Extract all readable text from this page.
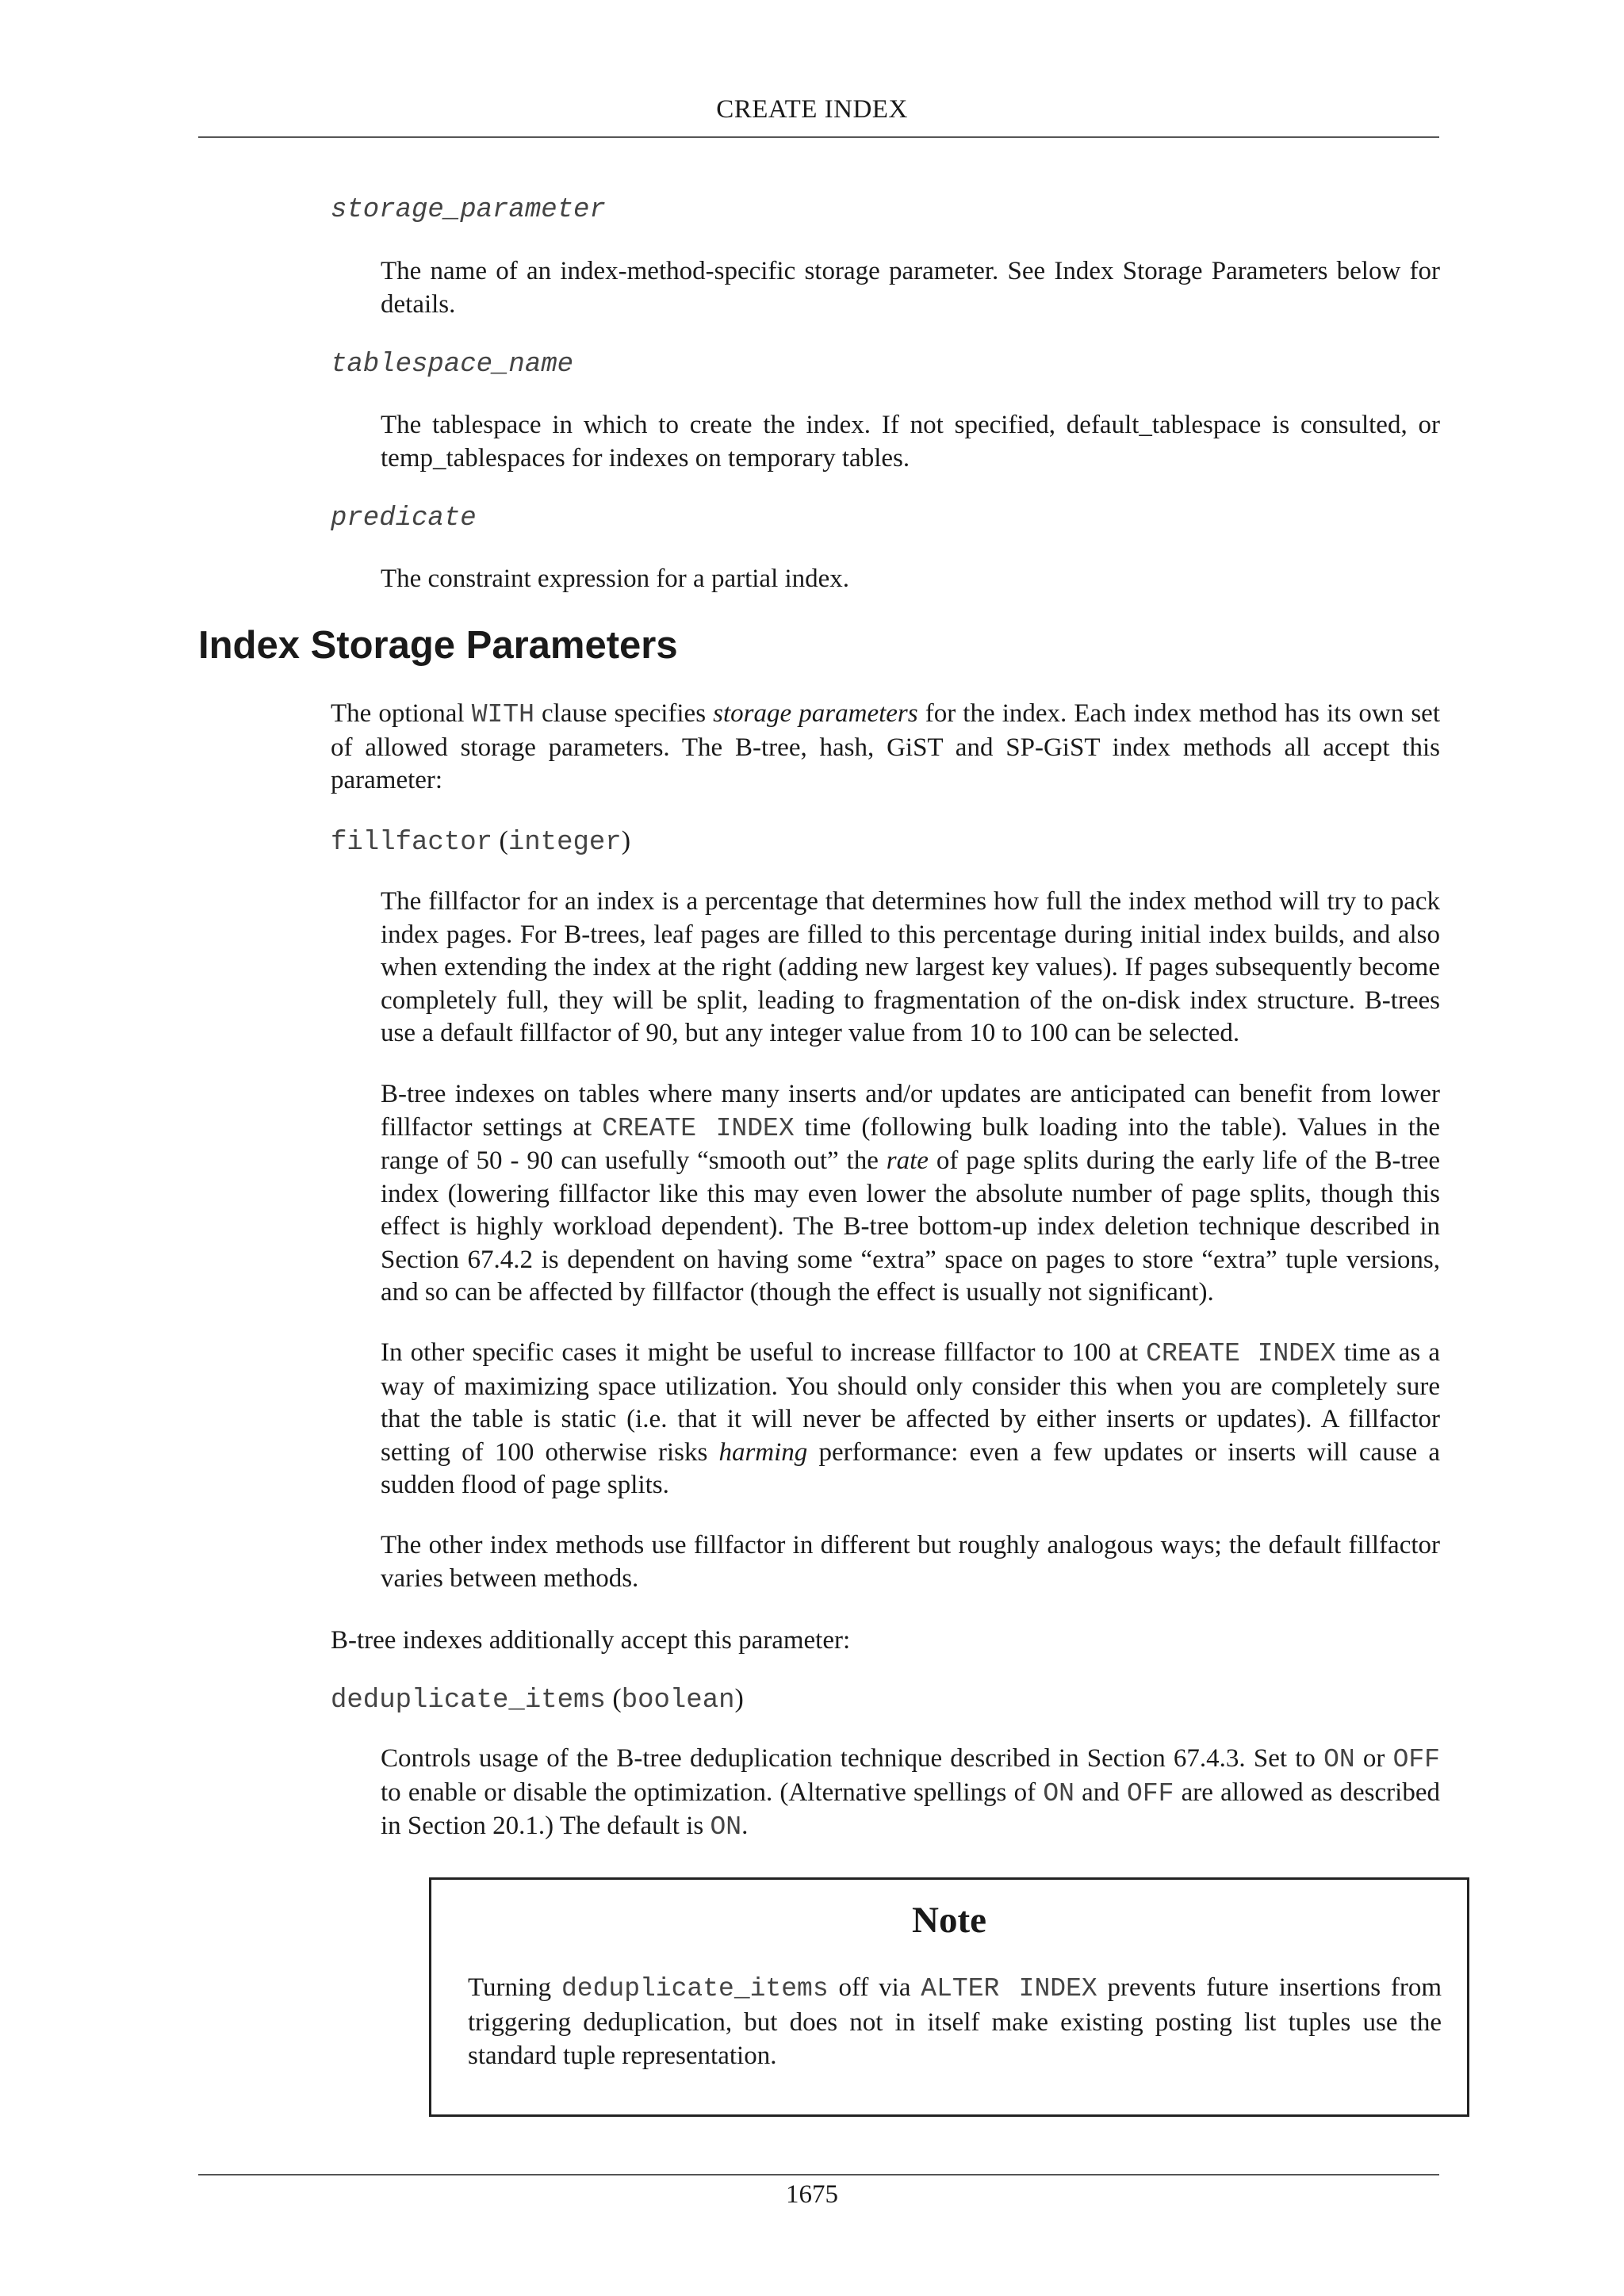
CREATE INDEX
storage_parameter

The name of an index-method-specific storage parameter. See Index Storage Parameters below for details.

tablespace_name

The tablespace in which to create the index. If not specified, default_tablespace is consulted, or temp_tablespaces for indexes on temporary tables.

predicate

The constraint expression for a partial index.

Index Storage Parameters

The optional WITH clause specifies storage parameters for the index. Each index method has its own set of allowed storage parameters. The B-tree, hash, GiST and SP-GiST index methods all accept this parameter:

fillfactor (integer)

The fillfactor for an index is a percentage that determines how full the index method will try to pack index pages. For B-trees, leaf pages are filled to this percentage during initial index builds, and also when extending the index at the right (adding new largest key values). If pages subsequently become completely full, they will be split, leading to fragmentation of the on-disk index structure. B-trees use a default fillfactor of 90, but any integer value from 10 to 100 can be selected.

B-tree indexes on tables where many inserts and/or updates are anticipated can benefit from lower fillfactor settings at CREATE INDEX time (following bulk loading into the table). Values in the range of 50 - 90 can usefully “smooth out” the rate of page splits during the early life of the B-tree index (lowering fillfactor like this may even lower the absolute number of page splits, though this effect is highly workload dependent). The B-tree bottom-up index deletion technique described in Section 67.4.2 is dependent on having some “extra” space on pages to store “extra” tuple versions, and so can be affected by fillfactor (though the effect is usually not significant).

In other specific cases it might be useful to increase fillfactor to 100 at CREATE INDEX time as a way of maximizing space utilization. You should only consider this when you are completely sure that the table is static (i.e. that it will never be affected by either inserts or updates). A fillfactor setting of 100 otherwise risks harming performance: even a few updates or inserts will cause a sudden flood of page splits.

The other index methods use fillfactor in different but roughly analogous ways; the default fillfactor varies between methods.

B-tree indexes additionally accept this parameter:

deduplicate_items (boolean)

Controls usage of the B-tree deduplication technique described in Section 67.4.3. Set to ON or OFF to enable or disable the optimization. (Alternative spellings of ON and OFF are allowed as described in Section 20.1.) The default is ON.

Note

Turning deduplicate_items off via ALTER INDEX prevents future insertions from triggering deduplication, but does not in itself make existing posting list tuples use the standard tuple representation.

1675
